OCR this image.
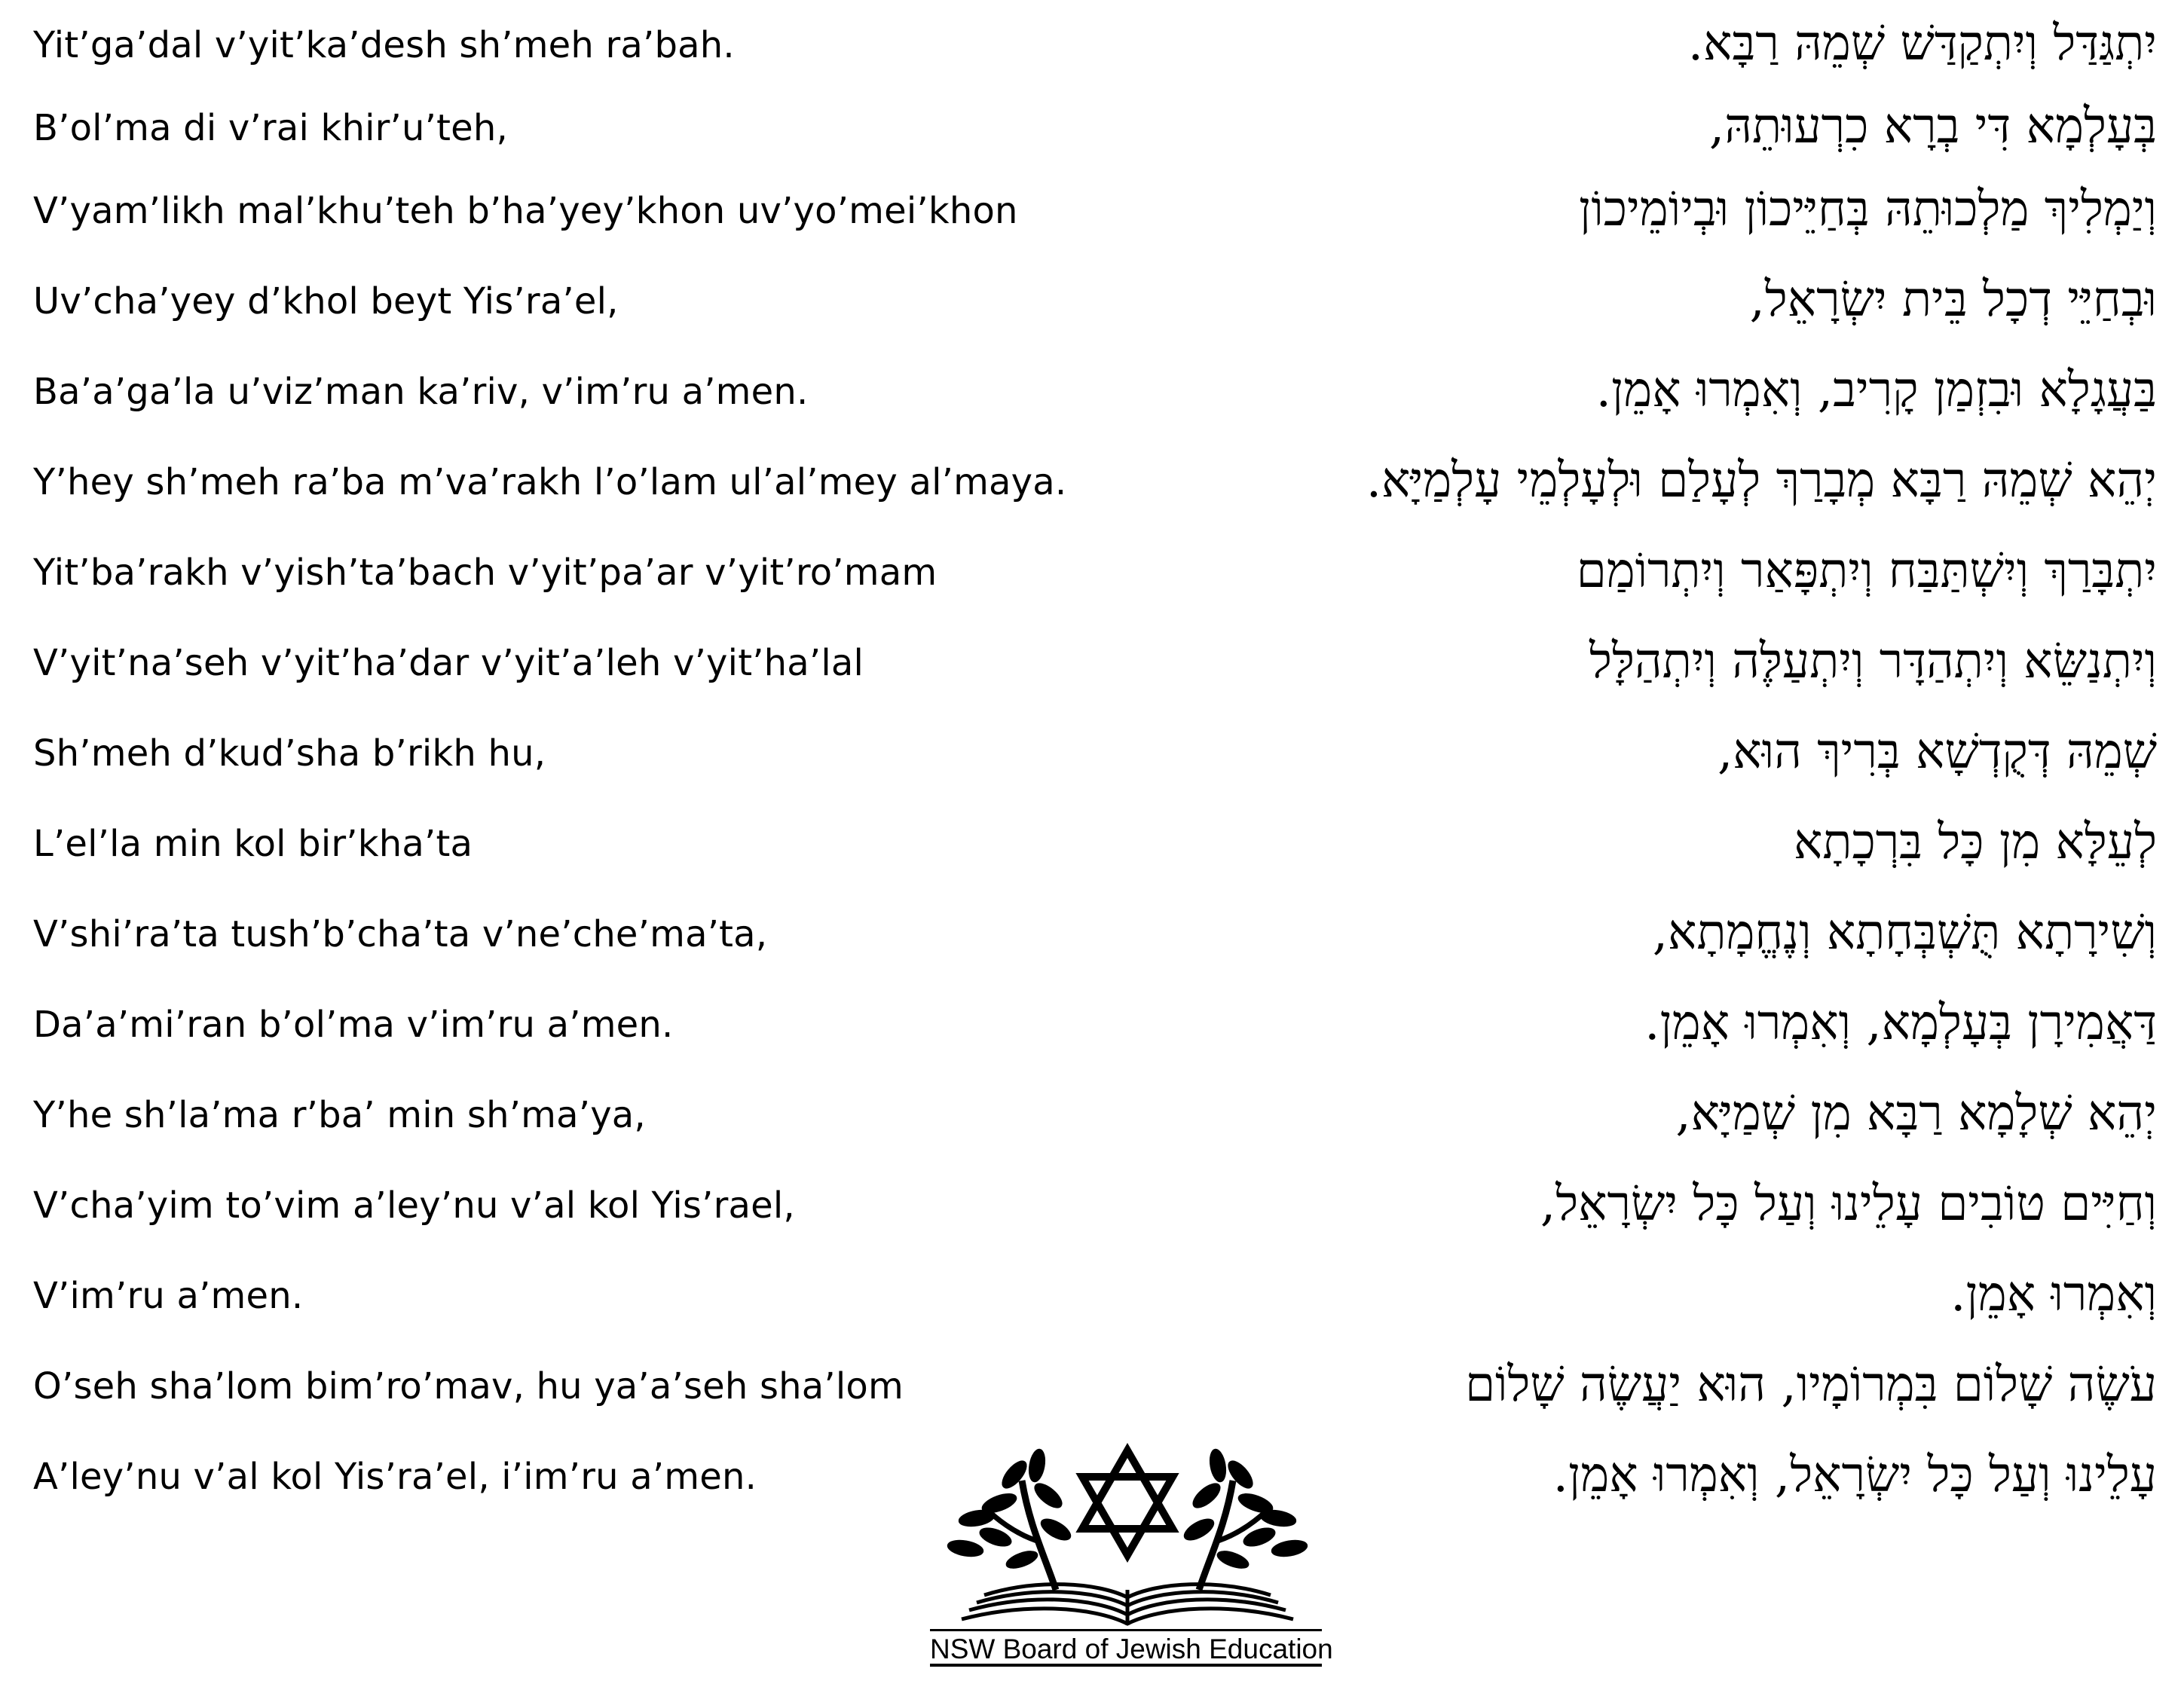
Yit’ga’dal v’yit’ka’desh sh’meh ra’bah.	יִתְגַּדַּל וְיִתְקַדַּשׁ שְׁמֵהּ רַבָּא.
B’ol’ma di v’rai khir’u’teh,	בְּעָלְמָא דִּי בְרָא כִרְעוּתֵהּ,
V’yam’likh mal’khu’teh b’ha’yey’khon uv’yo’mei’khon	וְיַמְלִיךְ מַלְכוּתֵהּ בְּחַיֵּיכוֹן וּבְיוֹמֵיכוֹן
Uv’cha’yey d’khol beyt Yis’ra’el,	וּבְחַיֵּי דְכָל בֵּית יִשְׂרָאֵל,
Ba’a’ga’la u’viz’man ka’riv, v’im’ru a’men.	בַּעֲגָלָא וּבִזְמַן קָרִיב, וְאִמְרוּ אָמֵן.
Y’hey sh’meh ra’ba m’va’rakh l’o’lam ul’al’mey al’maya.	יְהֵא שְׁמֵהּ רַבָּא מְבָרַךְ לְעָלַם וּלְעָלְמֵי עָלְמַיָּא.
Yit’ba’rakh v’yish’ta’bach v’yit’pa’ar v’yit’ro’mam	יִתְבָּרַךְ וְיִשְׁתַּבַּח וְיִתְפָּאַר וְיִתְרוֹמַם
V’yit’na’seh v’yit’ha’dar v’yit’a’leh v’yit’ha’lal	וְיִתְנַשֵּׂא וְיִתְהַדָּר וְיִתְעַלֶּה וְיִתְהַלָּל
Sh’meh d’kud’sha b’rikh hu,	שְׁמֵהּ דְּקֻדְשָׁא בְּרִיךְ הוּא,
L’el’la min kol bir’kha’ta	לְעֵלָּא מִן כָּל בִּרְכָתָא
V’shi’ra’ta tush’b’cha’ta v’ne’che’ma’ta,	וְשִׁירָתָא תֻּשְׁבְּחָתָא וְנֶחֱמָתָא,
Da’a’mi’ran b’ol’ma v’im’ru a’men.	דַּאֲמִירָן בְּעָלְמָא, וְאִמְרוּ אָמֵן.
Y’he sh’la’ma r’ba’ min sh’ma’ya,	יְהֵא שְׁלָמָא רַבָּא מִן שְׁמַיָּא,
V’cha’yim to’vim a’ley’nu v’al kol Yis’rael,	וְחַיִּים טוֹבִים עָלֵינוּ וְעַל כָּל יִשְׂרָאֵל,
V’im’ru a’men.	וְאִמְרוּ אָמֵן.
O’seh sha’lom bim’ro’mav, hu ya’a’seh sha’lom	עֹשֶׂה שָׁלוֹם בִּמְרוֹמָיו, הוּא יַעֲשֶׂה שָׁלוֹם
A’ley’nu v’al kol Yis’ra’el, i’im’ru a’men.	עָלֵינוּ וְעַל כָּל יִשְׂרָאֵל, וְאִמְרוּ אָמֵן.
NSW Board of Jewish Education
